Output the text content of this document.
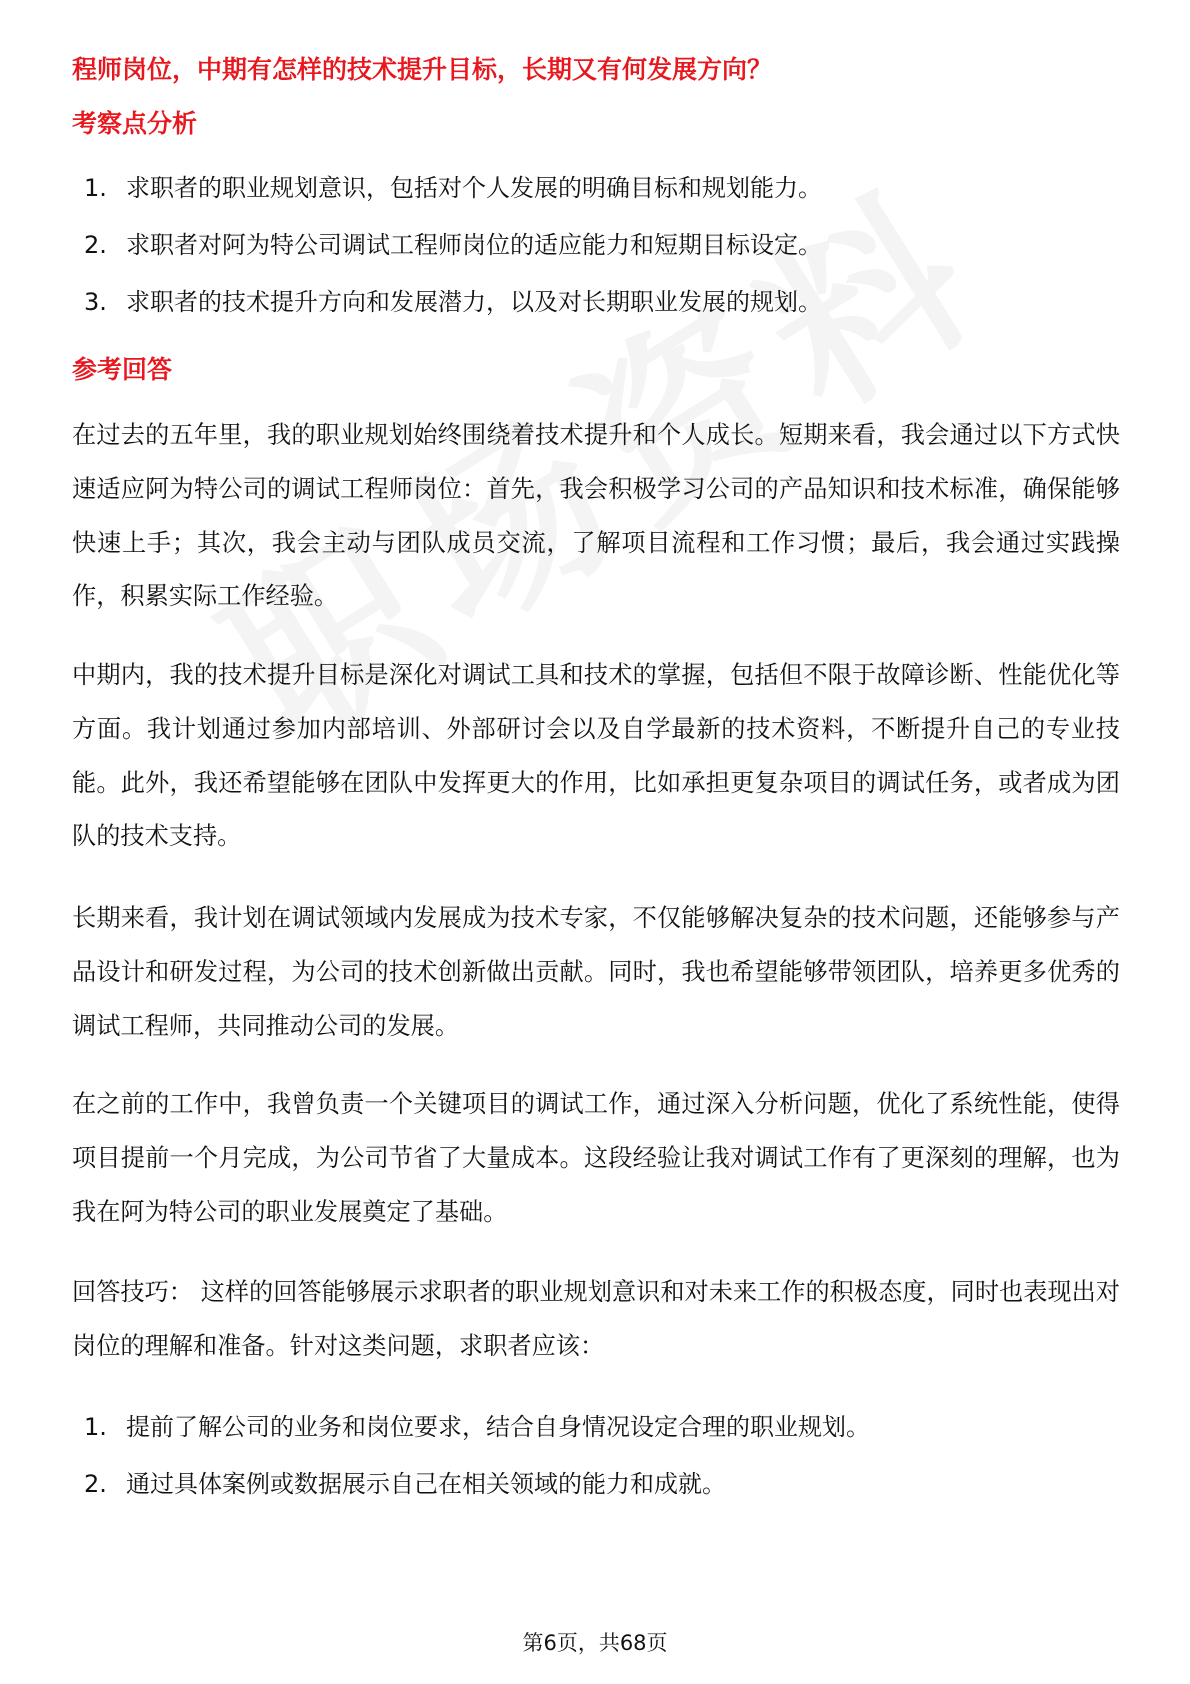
程师岗位，中期有怎样的技术提升目标，长期又有何发展方向？
考察点分析
1. 求职者的职业规划意识，包括对个人发展的明确目标和规划能力。
2. 求职者对阿为特公司调试工程师岗位的适应能力和短期目标设定。
3. 求职者的技术提升方向和发展潜力，以及对长期职业发展的规划。
参考回答

在过去的五年里，我的职业规划始终围绕着技术提升和个人成长。短期来看，我会通过以下方式快速适应阿为特公司的调试工程师岗位：首先，我会积极学习公司的产品知识和技术标准，确保能够快速上手；其次，我会主动与团队成员交流，了解项目流程和工作习惯；最后，我会通过实践操作，积累实际工作经验。

中期内，我的技术提升目标是深化对调试工具和技术的掌握，包括但不限于故障诊断、性能优化等方面。我计划通过参加内部培训、外部研讨会以及自学最新的技术资料，不断提升自己的专业技能。此外，我还希望能够在团队中发挥更大的作用，比如承担更复杂项目的调试任务，或者成为团队的技术支持。

长期来看，我计划在调试领域内发展成为技术专家，不仅能够解决复杂的技术问题，还能够参与产品设计和研发过程，为公司的技术创新做出贡献。同时，我也希望能够带领团队，培养更多优秀的调试工程师，共同推动公司的发展。

在之前的工作中，我曾负责一个关键项目的调试工作，通过深入分析问题，优化了系统性能，使得项目提前一个月完成，为公司节省了大量成本。这段经验让我对调试工作有了更深刻的理解，也为我在阿为特公司的职业发展奠定了基础。

回答技巧： 这样的回答能够展示求职者的职业规划意识和对未来工作的积极态度，同时也表现出对岗位的理解和准备。针对这类问题，求职者应该：

1. 提前了解公司的业务和岗位要求，结合自身情况设定合理的职业规划。
2. 通过具体案例或数据展示自己在相关领域的能力和成就。
第6页，共68页
